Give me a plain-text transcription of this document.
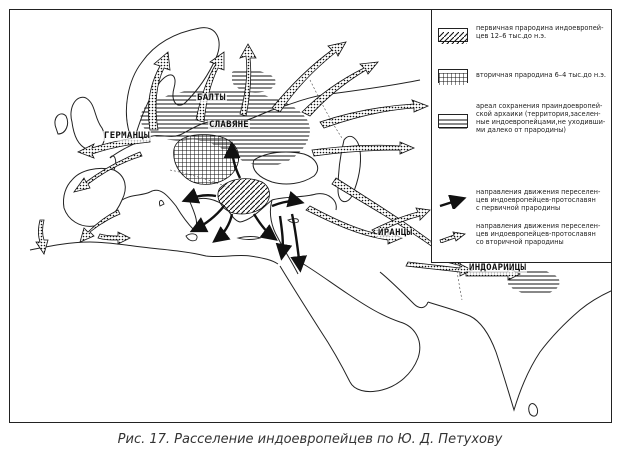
БАЛТЫ
СЛАВЯНЕ
ГЕРМАНЦЫ
ИРАНЦЫ
ИНДОАРИЙЦЫ
первичная прародина индоевропей-
цев 12–6 тыс.до н.э.
вторичная прародина 6–4 тыс.до н.э.
ареал сохранения праиндоевропей-
ской архаики (территория,заселен-
ные индоевропейцами,не уходивши-
ми далеко от прародины)
направления движения переселен-
цев индоевропейцев-протославян
с первичной прародины
направления движения переселен-
цев индоевропейцев-протославян
со вторичной прародины
Рис. 17. Расселение индоевропейцев по Ю. Д. Петухову
